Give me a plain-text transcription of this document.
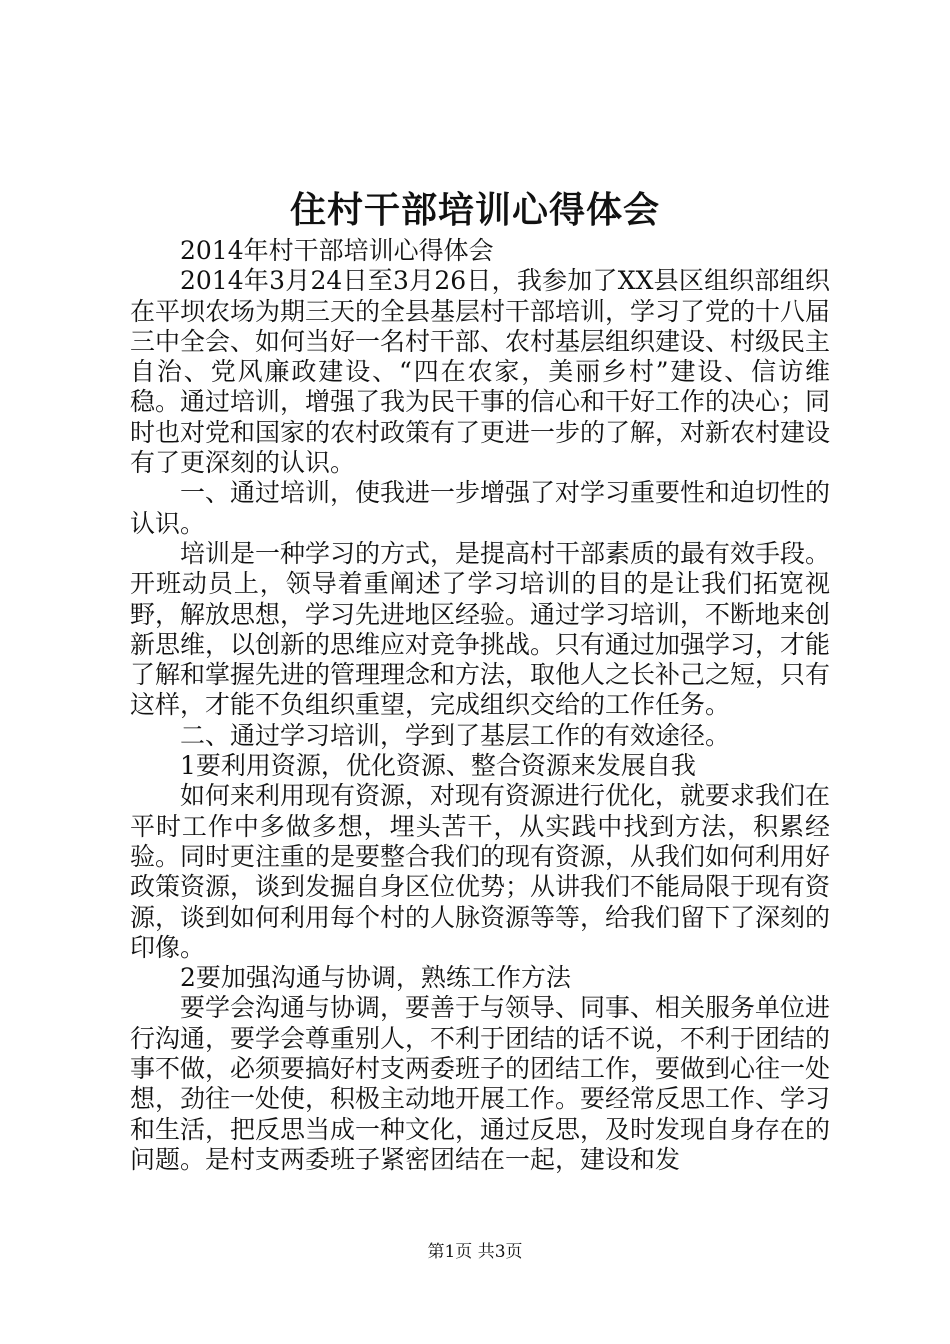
住村干部培训心得体会

2014年村干部培训心得体会

2014年3月24日至3月26日，我参加了XX县区组织部组织在平坝农场为期三天的全县基层村干部培训，学习了党的十八届三中全会、如何当好一名村干部、农村基层组织建设、村级民主自治、党风廉政建设、“四在农家，美丽乡村”建设、信访维稳。通过培训，增强了我为民干事的信心和干好工作的决心；同时也对党和国家的农村政策有了更进一步的了解，对新农村建设有了更深刻的认识。

一、通过培训，使我进一步增强了对学习重要性和迫切性的认识。

培训是一种学习的方式，是提高村干部素质的最有效手段。开班动员上，领导着重阐述了学习培训的目的是让我们拓宽视野，解放思想，学习先进地区经验。通过学习培训，不断地来创新思维，以创新的思维应对竞争挑战。只有通过加强学习，才能了解和掌握先进的管理理念和方法，取他人之长补己之短，只有这样，才能不负组织重望，完成组织交给的工作任务。

二、通过学习培训，学到了基层工作的有效途径。

1要利用资源，优化资源、整合资源来发展自我

如何来利用现有资源，对现有资源进行优化，就要求我们在平时工作中多做多想，埋头苦干，从实践中找到方法，积累经验。同时更注重的是要整合我们的现有资源，从我们如何利用好政策资源，谈到发掘自身区位优势；从讲我们不能局限于现有资源，谈到如何利用每个村的人脉资源等等，给我们留下了深刻的印像。

2要加强沟通与协调，熟练工作方法

要学会沟通与协调，要善于与领导、同事、相关服务单位进行沟通，要学会尊重别人，不利于团结的话不说，不利于团结的事不做，必须要搞好村支两委班子的团结工作，要做到心往一处想，劲往一处使，积极主动地开展工作。要经常反思工作、学习和生活，把反思当成一种文化，通过反思，及时发现自身存在的问题。是村支两委班子紧密团结在一起，建设和发

第1页 共3页
